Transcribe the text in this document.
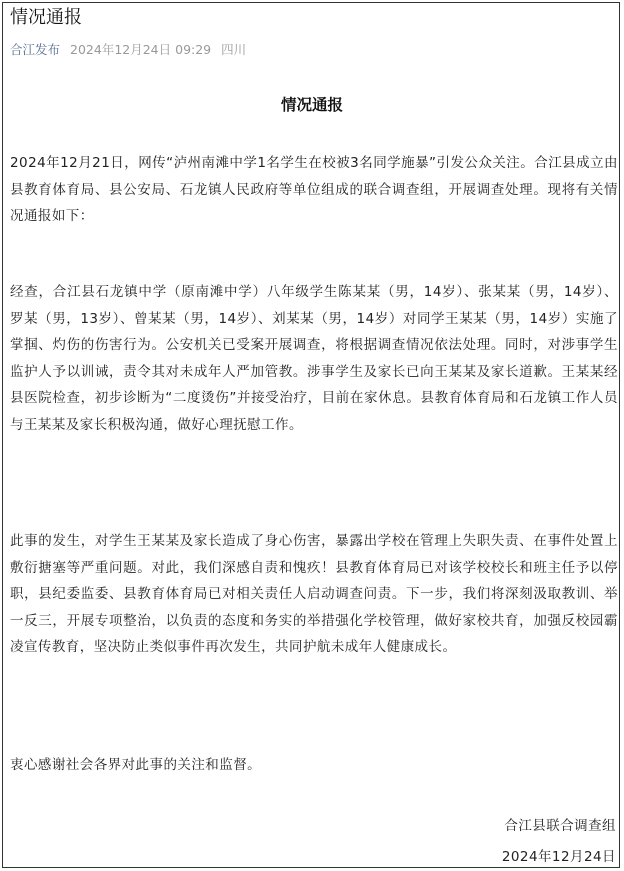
情况通报
合江发布 2024年12月24日 09:29 四川
情况通报
2024年12月21日，网传“泸州南滩中学1名学生在校被3名同学施暴”引发公众关注。合江县成立由县教育体育局、县公安局、石龙镇人民政府等单位组成的联合调查组，开展调查处理。现将有关情况通报如下：
经查，合江县石龙镇中学（原南滩中学）八年级学生陈某某（男，14岁）、张某某（男，14岁）、罗某（男，13岁）、曾某某（男，14岁）、刘某某（男，14岁）对同学王某某（男，14岁）实施了掌掴、灼伤的伤害行为。公安机关已受案开展调查，将根据调查情况依法处理。同时，对涉事学生监护人予以训诫，责令其对未成年人严加管教。涉事学生及家长已向王某某及家长道歉。王某某经县医院检查，初步诊断为“二度烫伤”并接受治疗，目前在家休息。县教育体育局和石龙镇工作人员与王某某及家长积极沟通，做好心理抚慰工作。
此事的发生，对学生王某某及家长造成了身心伤害，暴露出学校在管理上失职失责、在事件处置上敷衍搪塞等严重问题。对此，我们深感自责和愧疚！县教育体育局已对该学校校长和班主任予以停职，县纪委监委、县教育体育局已对相关责任人启动调查问责。下一步，我们将深刻汲取教训、举一反三，开展专项整治，以负责的态度和务实的举措强化学校管理，做好家校共育，加强反校园霸凌宣传教育，坚决防止类似事件再次发生，共同护航未成年人健康成长。
衷心感谢社会各界对此事的关注和监督。
合江县联合调查组
2024年12月24日
